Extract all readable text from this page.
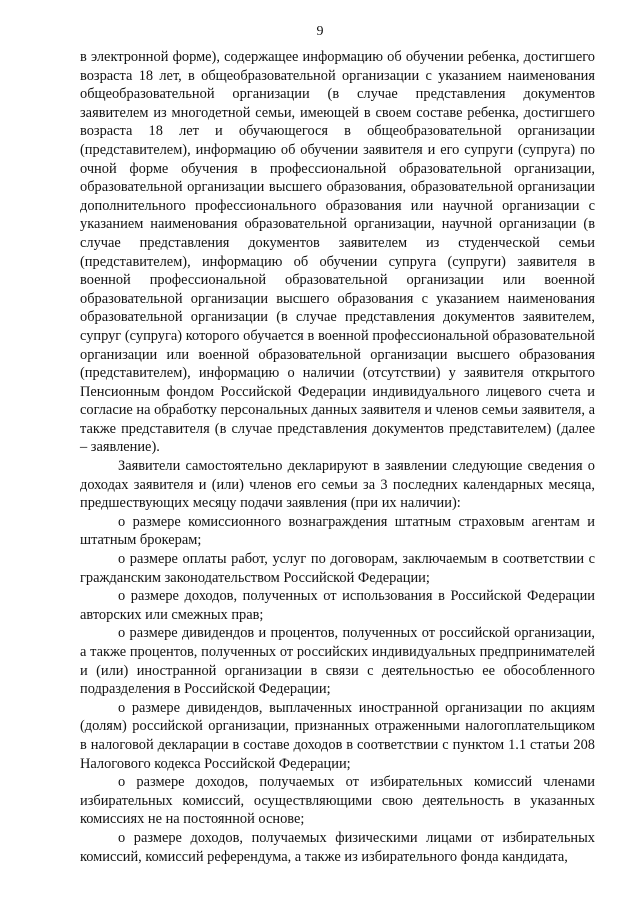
9

в электронной форме), содержащее информацию об обучении ребенка, достигшего возраста 18 лет, в общеобразовательной организации с указанием наименования общеобразовательной организации (в случае представления документов заявителем из многодетной семьи, имеющей в своем составе ребенка, достигшего возраста 18 лет и обучающегося в общеобразовательной организации (представителем), информацию об обучении заявителя и его супруги (супруга) по очной форме обучения в профессиональной образовательной организации, образовательной организации высшего образования, образовательной организации дополнительного профессионального образования или научной организации с указанием наименования образовательной организации, научной организации (в случае представления документов заявителем из студенческой семьи (представителем), информацию об обучении супруга (супруги) заявителя в военной профессиональной образовательной организации или военной образовательной организации высшего образования с указанием наименования образовательной организации (в случае представления документов заявителем, супруг (супруга) которого обучается в военной профессиональной образовательной организации или военной образовательной организации высшего образования (представителем), информацию о наличии (отсутствии) у заявителя открытого Пенсионным фондом Российской Федерации индивидуального лицевого счета и согласие на обработку персональных данных заявителя и членов семьи заявителя, а также представителя (в случае представления документов представителем) (далее – заявление).

Заявители самостоятельно декларируют в заявлении следующие сведения о доходах заявителя и (или) членов его семьи за 3 последних календарных месяца, предшествующих месяцу подачи заявления (при их наличии):

о размере комиссионного вознаграждения штатным страховым агентам и штатным брокерам;

о размере оплаты работ, услуг по договорам, заключаемым в соответствии с гражданским законодательством Российской Федерации;

о размере доходов, полученных от использования в Российской Федерации авторских или смежных прав;

о размере дивидендов и процентов, полученных от российской организации, а также процентов, полученных от российских индивидуальных предпринимателей и (или) иностранной организации в связи с деятельностью ее обособленного подразделения в Российской Федерации;

о размере дивидендов, выплаченных иностранной организации по акциям (долям) российской организации, признанных отраженными налогоплательщиком в налоговой декларации в составе доходов в соответствии с пунктом 1.1 статьи 208 Налогового кодекса Российской Федерации;

о размере доходов, получаемых от избирательных комиссий членами избирательных комиссий, осуществляющими свою деятельность в указанных комиссиях не на постоянной основе;

о размере доходов, получаемых физическими лицами от избирательных комиссий, комиссий референдума, а также из избирательного фонда кандидата,
